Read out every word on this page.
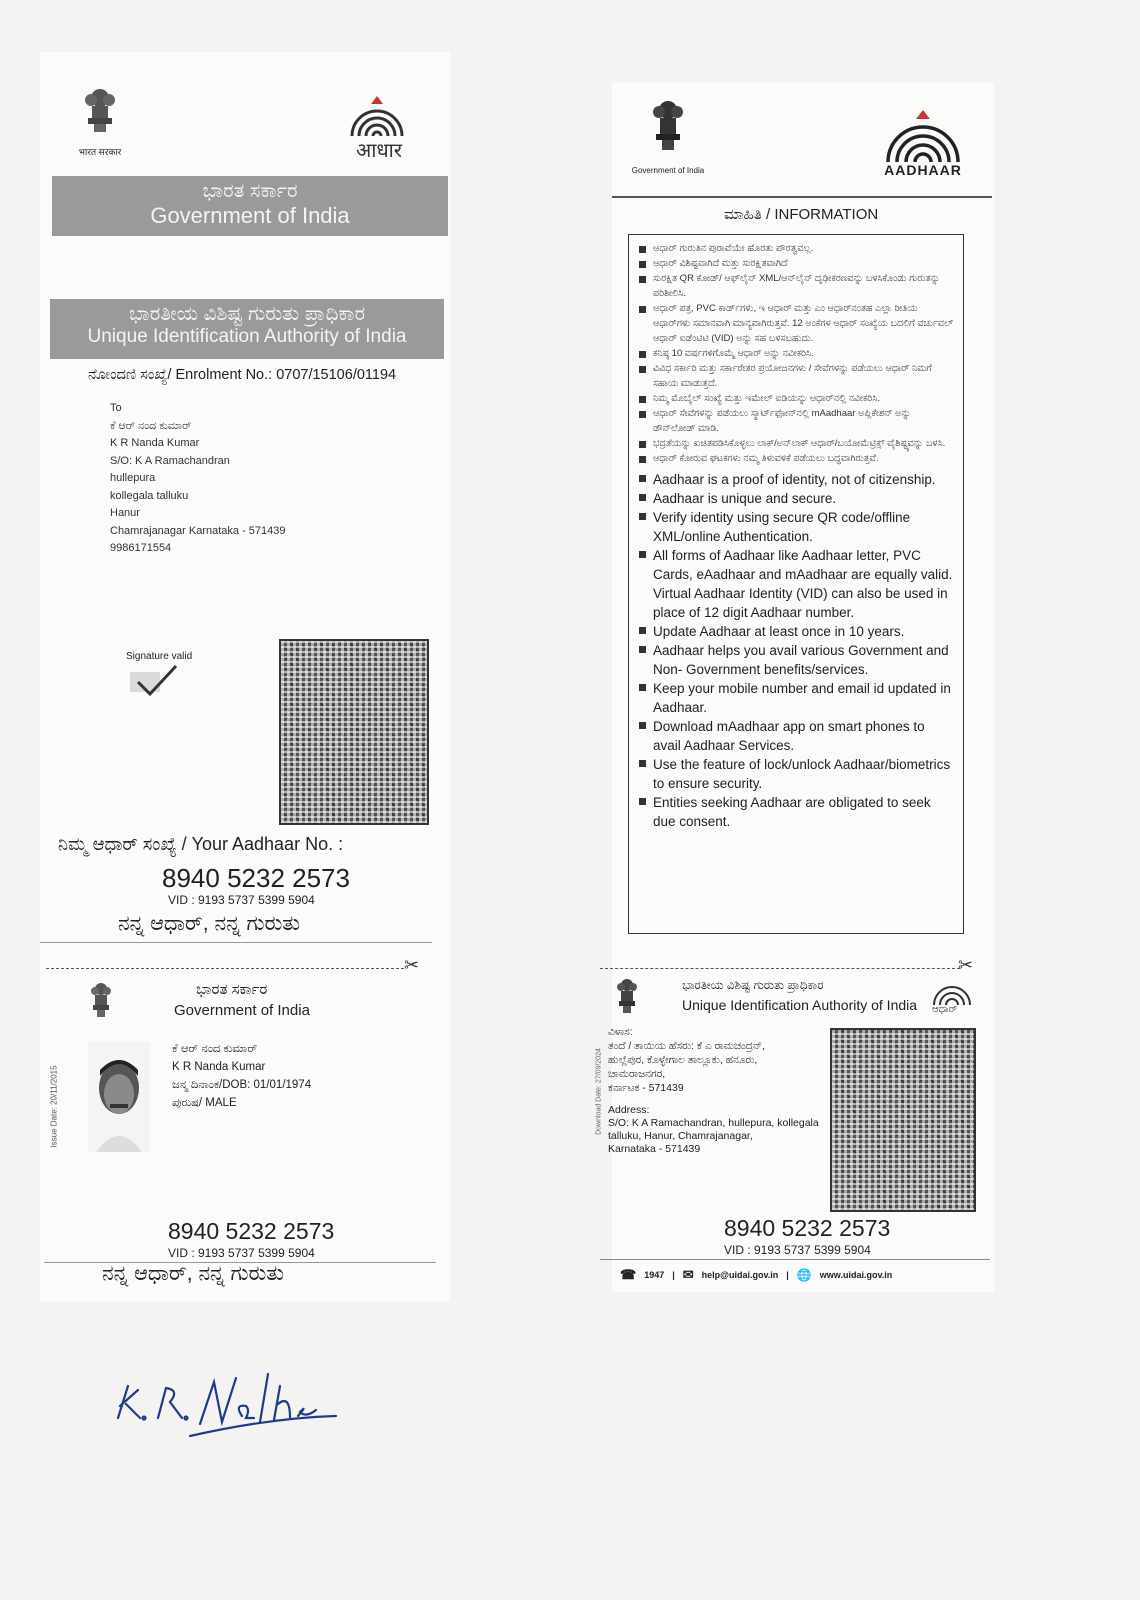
भारत सरकार	आधार
ಭಾರತ ಸರ್ಕಾರ
Government of India
ಭಾರತೀಯ ವಿಶಿಷ್ಟ ಗುರುತು ಪ್ರಾಧಿಕಾರ
Unique Identification Authority of India
ನೋಂದಣಿ ಸಂಖ್ಯೆ/ Enrolment No.: 0707/15106/01194
To
ಕೆ ಆರ್ ನಂದ ಕುಮಾರ್
K R Nanda Kumar
S/O: K A Ramachandran
hullepura
kollegala talluku
Hanur
Chamrajanagar Karnataka - 571439
9986171554
Signature valid
ನಿಮ್ಮ ಆಧಾರ್ ಸಂಖ್ಯೆ / Your Aadhaar No. :
8940 5232 2573
VID : 9193 5737 5399 5904
ನನ್ನ ಆಧಾರ್, ನನ್ನ ಗುರುತು
✂
ಭಾರತ ಸರ್ಕಾರ
Government of India
Issue Date: 20/11/2015
ಕೆ ಆರ್ ನಂದ ಕುಮಾರ್
K R Nanda Kumar
ಜನ್ಮ ದಿನಾಂಕ/DOB: 01/01/1974
ಪುರುಷ/ MALE
8940 5232 2573
VID : 9193 5737 5399 5904
ನನ್ನ ಆಧಾರ್, ನನ್ನ ಗುರುತು
Government of India	AADHAAR
ಮಾಹಿತಿ / INFORMATION
ಆಧಾರ್ ಗುರುತಿನ ಪುರಾವೆಯೇ ಹೊರತು ಪೌರತ್ವವಲ್ಲ.
ಆಧಾರ್ ವಿಶಿಷ್ಟವಾಗಿದೆ ಮತ್ತು ಸುರಕ್ಷಿತವಾಗಿದೆ
ಸುರಕ್ಷಿತ QR ಕೋಡ್/ ಆಫ್‌ಲೈನ್ XML/ಆನ್‌ಲೈನ್ ದೃಢೀಕರಣವನ್ನು ಬಳಸಿಕೊಂಡು ಗುರುತನ್ನು ಪರಿಶೀಲಿಸಿ.
ಆಧಾರ್ ಪತ್ರ, PVC ಕಾರ್ಡ್‌ಗಳು, ಇ ಆಧಾರ್ ಮತ್ತು ಎಂ ಆಧಾರ್‌ನಂತಹ ಎಲ್ಲಾ ರೀತಿಯ ಆಧಾರ್‌ಗಳು ಸಮಾನವಾಗಿ ಮಾನ್ಯವಾಗಿರುತ್ತವೆ. 12 ಅಂಕೆಗಳ ಆಧಾರ್ ಸಂಖ್ಯೆಯ ಬದಲಿಗೆ ವರ್ಚುವಲ್ ಆಧಾರ್ ಐಡೆಂಟಿಟಿ (VID) ಅನ್ನು ಸಹ ಬಳಸಬಹುದು.
ಕನಿಷ್ಠ 10 ವರ್ಷಗಳಿಗೊಮ್ಮೆ ಆಧಾರ್ ಅನ್ನು ನವೀಕರಿಸಿ.
ವಿವಿಧ ಸರ್ಕಾರಿ ಮತ್ತು ಸರ್ಕಾರೇತರ ಪ್ರಯೋಜನಗಳು / ಸೇವೆಗಳನ್ನು ಪಡೆಯಲು ಆಧಾರ್ ನಿಮಗೆ ಸಹಾಯ ಮಾಡುತ್ತದೆ.
ನಿಮ್ಮ ಮೊಬೈಲ್ ಸಂಖ್ಯೆ ಮತ್ತು ಇಮೇಲ್ ಐಡಿಯನ್ನು ಆಧಾರ್‌ನಲ್ಲಿ ನವೀಕರಿಸಿ.
ಆಧಾರ್ ಸೇವೆಗಳನ್ನು ಪಡೆಯಲು ಸ್ಮಾರ್ಟ್‌ಫೋನ್‌ನಲ್ಲಿ mAadhaar ಅಪ್ಲಿಕೇಶನ್ ಅನ್ನು ಡೌನ್‌ಲೋಡ್ ಮಾಡಿ.
ಭದ್ರತೆಯನ್ನು ಖಚಿತಪಡಿಸಿಕೊಳ್ಳಲು ಲಾಕ್/ಅನ್‌ಲಾಕ್ ಆಧಾರ್/ಬಯೋಮೆಟ್ರಿಕ್ಸ್ ವೈಶಿಷ್ಟ್ಯವನ್ನು ಬಳಸಿ.
ಆಧಾರ್ ಕೋರುವ ಘಟಕಗಳು ನಮ್ಮ ತಿಳುವಳಿಕೆ ಪಡೆಯಲು ಬದ್ಧವಾಗಿರುತ್ತವೆ.
Aadhaar is a proof of identity, not of citizenship.
Aadhaar is unique and secure.
Verify identity using secure QR code/offline XML/online Authentication.
All forms of Aadhaar like Aadhaar letter, PVC Cards, eAadhaar and mAadhaar are equally valid. Virtual Aadhaar Identity (VID) can also be used in place of 12 digit Aadhaar number.
Update Aadhaar at least once in 10 years.
Aadhaar helps you avail various Government and Non- Government benefits/services.
Keep your mobile number and email id updated in Aadhaar.
Download mAadhaar app on smart phones to avail Aadhaar Services.
Use the feature of lock/unlock Aadhaar/biometrics to ensure security.
Entities seeking Aadhaar are obligated to seek due consent.
✂
ಭಾರತೀಯ ವಿಶಿಷ್ಟ ಗುರುತು ಪ್ರಾಧಿಕಾರ
Unique Identification Authority of India ಆಧಾರ್
Download Date: 27/09/2024
ವಿಳಾಸ:
ತಂದೆ / ತಾಯಿಯ ಹೆಸರು: ಕೆ ಎ ರಾಮಚಂದ್ರನ್,
ಹುಲ್ಲೆಪುರ, ಕೊಳ್ಳೇಗಾಲ ತಾಲ್ಲೂಕು, ಹನೂರು,
ಚಾಮರಾಜನಗರ,
ಕರ್ನಾಟಕ - 571439
Address:
S/O: K A Ramachandran, hullepura, kollegala
talluku, Hanur, Chamrajanagar,
Karnataka - 571439
8940 5232 2573
VID : 9193 5737 5399 5904
☎ 1947 | ✉ help@uidai.gov.in | 🌐 www.uidai.gov.in
